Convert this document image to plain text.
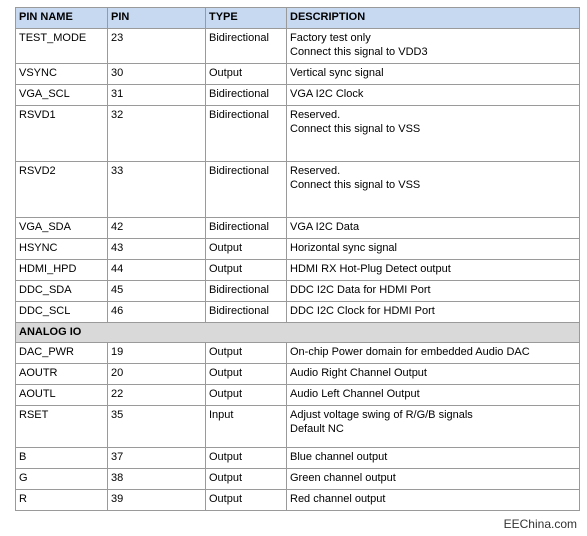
PIN NAME	PIN	TYPE	DESCRIPTION
TEST_MODE	23	Bidirectional	Factory test only
Connect this signal to VDD3

VSYNC	30	Output	Vertical sync signal

VGA_SCL	31	Bidirectional	VGA I2C Clock

RSVD1	32	Bidirectional	Reserved.
Connect this signal to VSS

RSVD2	33	Bidirectional	Reserved.
Connect this signal to VSS

VGA_SDA	42	Bidirectional	VGA I2C Data

HSYNC	43	Output	Horizontal sync signal

HDMI_HPD	44	Output	HDMI RX Hot-Plug Detect output

DDC_SDA	45	Bidirectional	DDC I2C Data for HDMI Port

DDC_SCL	46	Bidirectional	DDC I2C Clock for HDMI Port

ANALOG IO			
DAC_PWR	19	Output	On-chip Power domain for embedded Audio DAC

AOUTR	20	Output	Audio Right Channel Output

AOUTL	22	Output	Audio Left Channel Output

RSET	35	Input	Adjust voltage swing of R/G/B signals
Default NC

B	37	Output	Blue channel output

G	38	Output	Green channel output

R	39	Output	Red channel output
EEChina.com
